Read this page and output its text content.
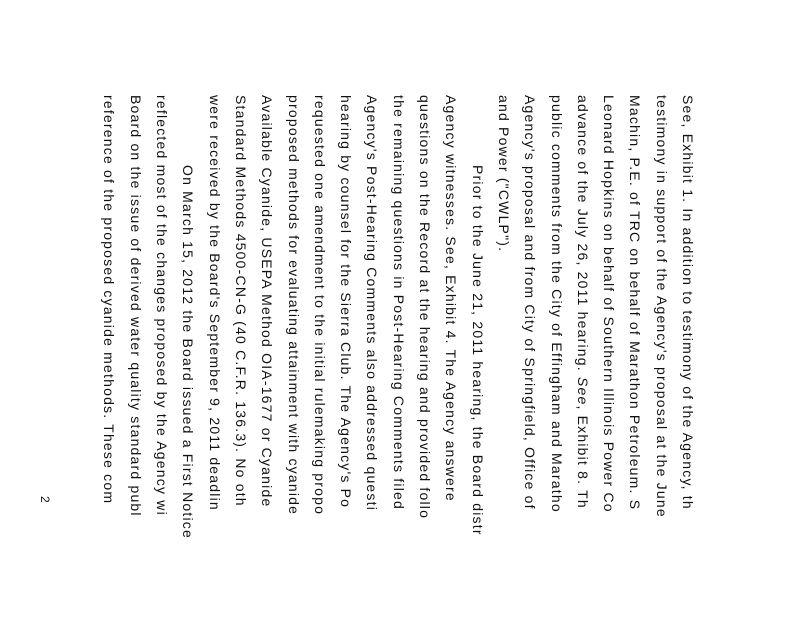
See, Exhibit 1. In addition to testimony of the Agency, th
testimony in support of the Agency's proposal at the June
Machin, P.E. of TRC on behalf of Marathon Petroleum. S
Leonard Hopkins on behalf of Southern Illinois Power Co
advance of the July 26, 2011 hearing. See, Exhibit 8. Th
public comments from the City of Effingham and Maratho
Agency's proposal and from City of Springfield, Office of
and Power ("CWLP").
Prior to the June 21, 2011 hearing, the Board distr
Agency witnesses. See, Exhibit 4. The Agency answere
questions on the Record at the hearing and provided follo
the remaining questions in Post-Hearing Comments filed
Agency's Post-Hearing Comments also addressed questi
hearing by counsel for the Sierra Club. The Agency's Po
requested one amendment to the initial rulemaking propo
proposed methods for evaluating attainment with cyanide
Available Cyanide, USEPA Method OIA-1677 or Cyanide
Standard Methods 4500-CN-G (40 C.F.R. 136.3). No oth
were received by the Board's September 9, 2011 deadlin
On March 15, 2012 the Board issued a First Notice
reflected most of the changes proposed by the Agency wi
Board on the issue of derived water quality standard publ
reference of the proposed cyanide methods. These com
2
